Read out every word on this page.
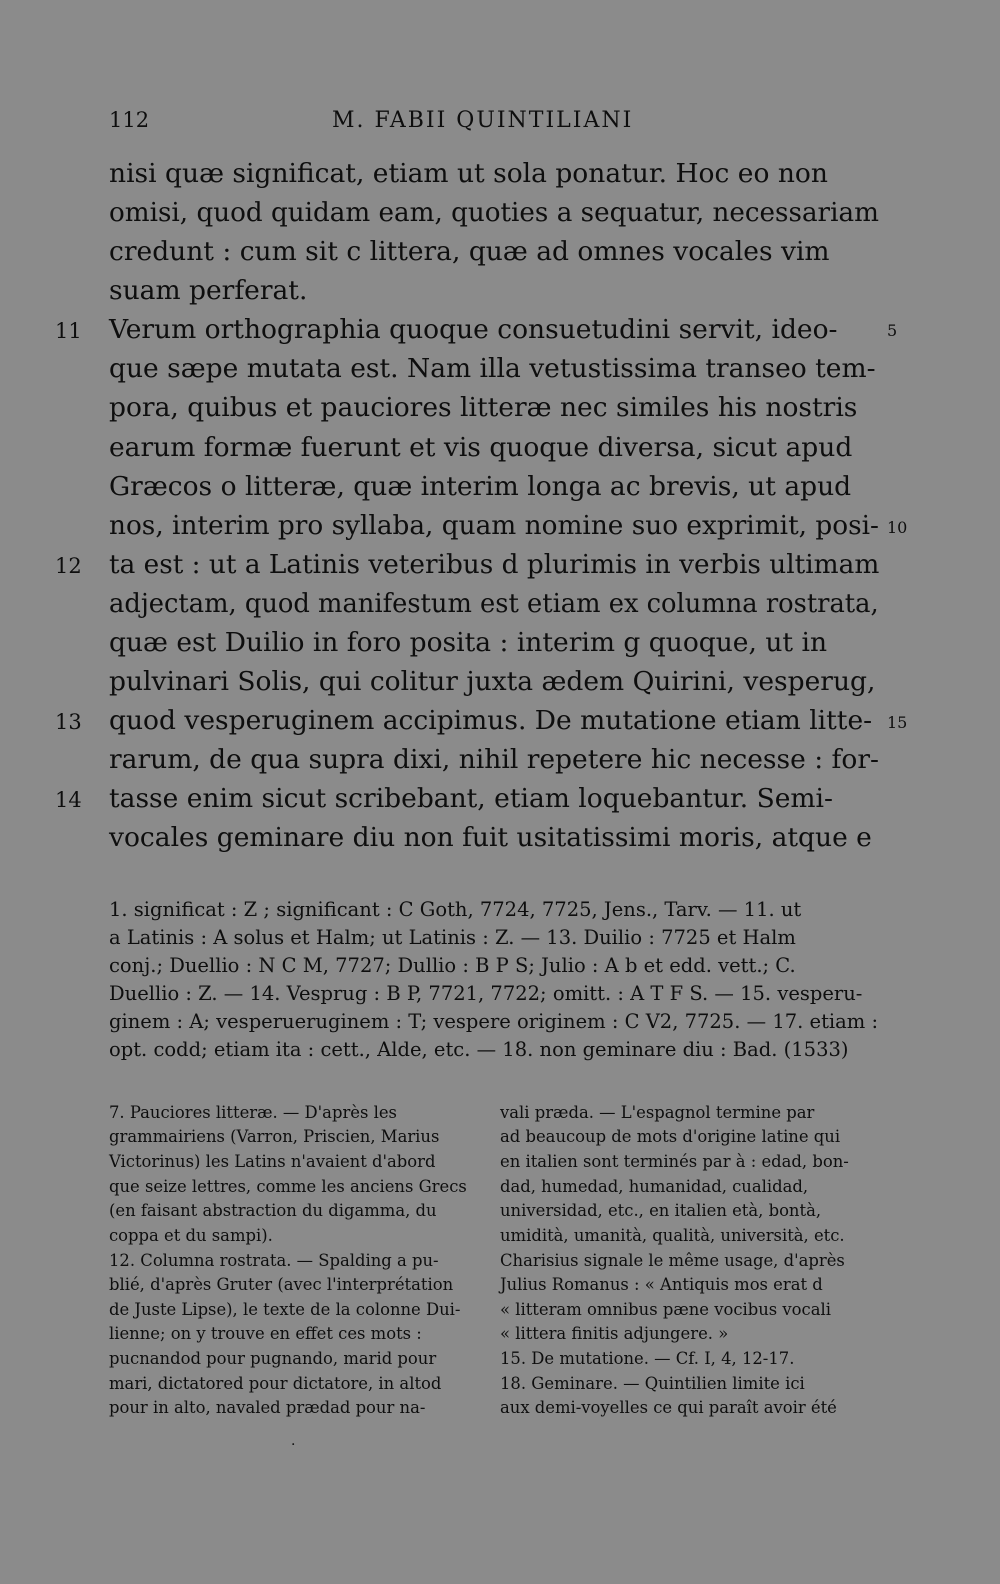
112	M. FABII QUINTILIANI
nisi quæ significat, etiam ut sola ponatur. Hoc eo non
omisi, quod quidam eam, quoties a sequatur, necessariam
credunt : cum sit c littera, quæ ad omnes vocales vim
suam perferat.
Verum orthographia quoque consuetudini servit, ideo-
que sæpe mutata est. Nam illa vetustissima transeo tem-
pora, quibus et pauciores litteræ nec similes his nostris
earum formæ fuerunt et vis quoque diversa, sicut apud
Græcos o litteræ, quæ interim longa ac brevis, ut apud
nos, interim pro syllaba, quam nomine suo exprimit, posi-
ta est : ut a Latinis veteribus d plurimis in verbis ultimam
adjectam, quod manifestum est etiam ex columna rostrata,
quæ est Duilio in foro posita : interim g quoque, ut in
pulvinari Solis, qui colitur juxta ædem Quirini, vesperug,
quod vesperuginem accipimus. De mutatione etiam litte-
rarum, de qua supra dixi, nihil repetere hic necesse : for-
tasse enim sicut scribebant, etiam loquebantur. Semi-
vocales geminare diu non fuit usitatissimi moris, atque e
11
12
13
14
5
10
15
1. significat : Z ; significant : C Goth, 7724, 7725, Jens., Tarv. — 11. ut
a Latinis : A solus et Halm; ut Latinis : Z. — 13. Duilio : 7725 et Halm
conj.; Duellio : N C M, 7727; Dullio : B P S; Julio : A b et edd. vett.; C.
Duellio : Z. — 14. Vesprug : B P, 7721, 7722; omitt. : A T F S. — 15. vesperu-
ginem : A; vesperueruginem : T; vespere originem : C V2, 7725. — 17. etiam :
opt. codd; etiam ita : cett., Alde, etc. — 18. non geminare diu : Bad. (1533)
7. Pauciores litteræ. — D'après les
grammairiens (Varron, Priscien, Marius
Victorinus) les Latins n'avaient d'abord
que seize lettres, comme les anciens Grecs
(en faisant abstraction du digamma, du
coppa et du sampi).
12. Columna rostrata. — Spalding a pu-
blié, d'après Gruter (avec l'interprétation
de Juste Lipse), le texte de la colonne Dui-
lienne; on y trouve en effet ces mots :
pucnandod pour pugnando, marid pour
mari, dictatored pour dictatore, in altod
pour in alto, navaled prædad pour na-
vali præda. — L'espagnol termine par
ad beaucoup de mots d'origine latine qui
en italien sont terminés par à : edad, bon-
dad, humedad, humanidad, cualidad,
universidad, etc., en italien età, bontà,
umidità, umanità, qualità, università, etc.
Charisius signale le même usage, d'après
Julius Romanus : « Antiquis mos erat d
« litteram omnibus pæne vocibus vocali
« littera finitis adjungere. »
15. De mutatione. — Cf. I, 4, 12-17.
18. Geminare. — Quintilien limite ici
aux demi-voyelles ce qui paraît avoir été
·
